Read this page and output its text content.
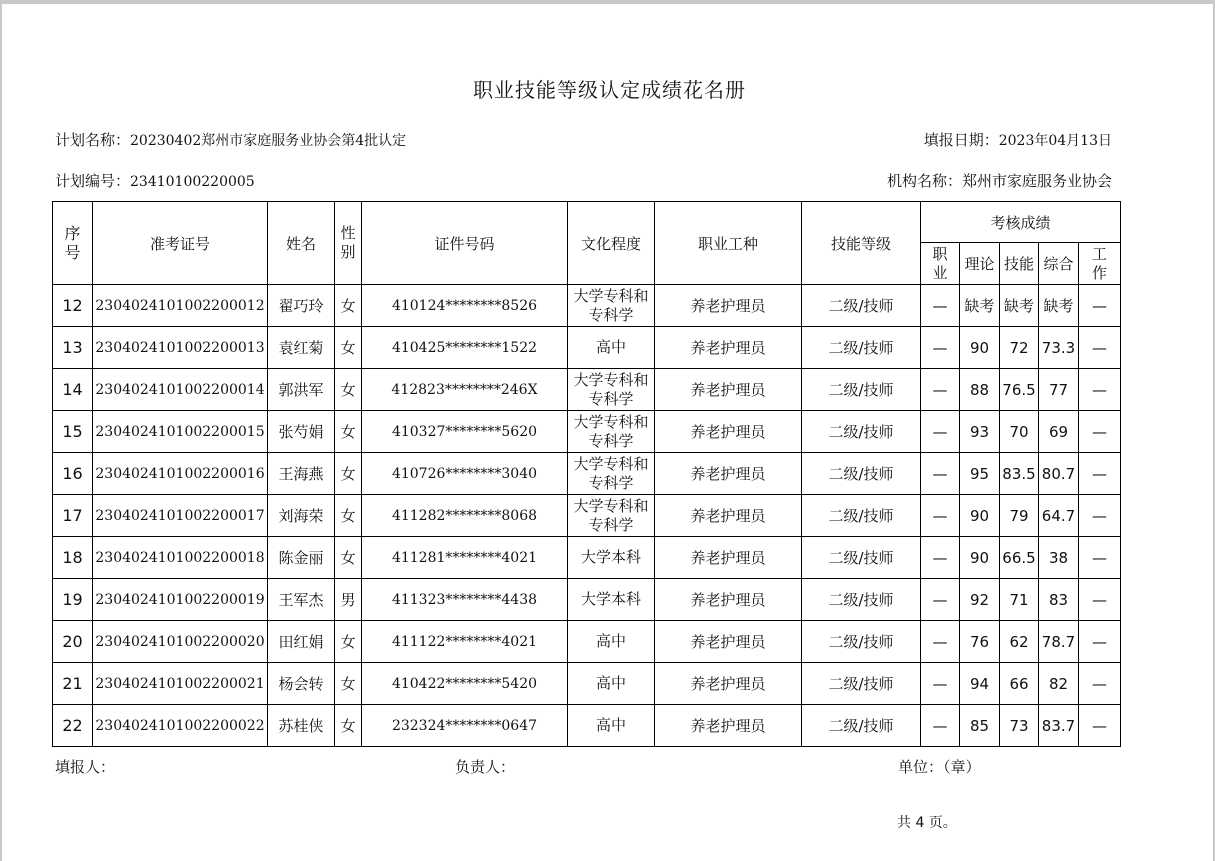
职业技能等级认定成绩花名册
计划名称：20230402郑州市家庭服务业协会第4批认定	填报日期：2023年04月13日
计划编号：23410100220005	机构名称：郑州市家庭服务业协会
序号	准考证号	姓名	性别	证件号码	文化程度	职业工种	技能等级	考核成绩				
								职业	理论	技能	综合	工作
12	2304024101002200012	翟巧玲	女	410124********8526	大学专科和专科学	养老护理员	二级/技师	—	缺考	缺考	缺考	—
13	2304024101002200013	袁红菊	女	410425********1522	高中	养老护理员	二级/技师	—	90	72	73.3	—
14	2304024101002200014	郭洪军	女	412823********246X	大学专科和专科学	养老护理员	二级/技师	—	88	76.5	77	—
15	2304024101002200015	张芍娟	女	410327********5620	大学专科和专科学	养老护理员	二级/技师	—	93	70	69	—
16	2304024101002200016	王海燕	女	410726********3040	大学专科和专科学	养老护理员	二级/技师	—	95	83.5	80.7	—
17	2304024101002200017	刘海荣	女	411282********8068	大学专科和专科学	养老护理员	二级/技师	—	90	79	64.7	—
18	2304024101002200018	陈金丽	女	411281********4021	大学本科	养老护理员	二级/技师	—	90	66.5	38	—
19	2304024101002200019	王军杰	男	411323********4438	大学本科	养老护理员	二级/技师	—	92	71	83	—
20	2304024101002200020	田红娟	女	411122********4021	高中	养老护理员	二级/技师	—	76	62	78.7	—
21	2304024101002200021	杨会转	女	410422********5420	高中	养老护理员	二级/技师	—	94	66	82	—
22	2304024101002200022	苏桂侠	女	232324********0647	高中	养老护理员	二级/技师	—	85	73	83.7	—
填报人：	负责人：	单位：（章）
共 4 页。
